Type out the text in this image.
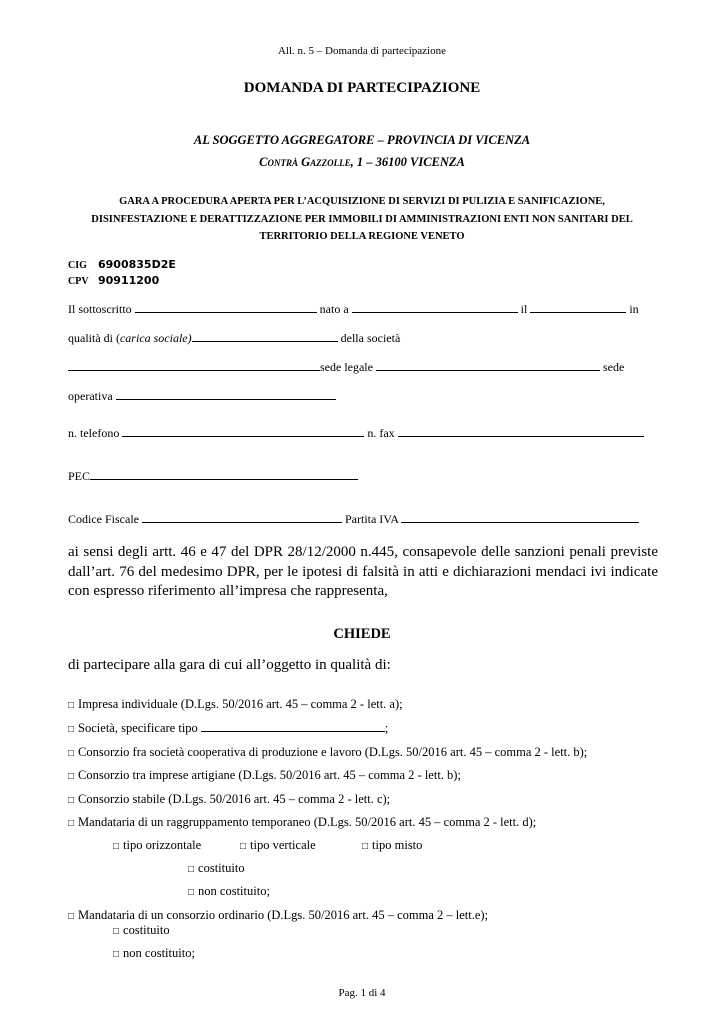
All. n. 5 – Domanda di partecipazione
DOMANDA DI PARTECIPAZIONE
AL SOGGETTO AGGREGATORE – PROVINCIA DI VICENZA
Contrà Gazzolle, 1 – 36100 VICENZA
GARA A PROCEDURA APERTA PER L’ACQUISIZIONE DI SERVIZI DI PULIZIA E SANIFICAZIONE,
DISINFESTAZIONE E DERATTIZZAZIONE PER IMMOBILI DI AMMINISTRAZIONI ENTI NON SANITARI DEL
TERRITORIO DELLA REGIONE VENETO
CIG 6900835D2E
CPV 90911200
Il sottoscritto	nato a	il	in
qualità di (carica sociale)	della società
sede legale	sede
operativa
n. telefono	n. fax
PEC
Codice Fiscale	Partita IVA
ai sensi degli artt. 46 e 47 del DPR 28/12/2000 n.445, consapevole delle sanzioni penali previste dall’art. 76 del medesimo DPR, per le ipotesi di falsità in atti e dichiarazioni mendaci ivi indicate con espresso riferimento all’impresa che rappresenta,
CHIEDE
di partecipare alla gara di cui all’oggetto in qualità di:
□ Impresa individuale (D.Lgs. 50/2016 art. 45 – comma 2 - lett. a);
□ Società, specificare tipo	;
□ Consorzio fra società cooperativa di produzione e lavoro (D.Lgs. 50/2016 art. 45 – comma 2 - lett. b);
□ Consorzio tra imprese artigiane (D.Lgs. 50/2016 art. 45 – comma 2 - lett. b);
□ Consorzio stabile (D.Lgs. 50/2016 art. 45 – comma 2 - lett. c);
□ Mandataria di un raggruppamento temporaneo (D.Lgs. 50/2016 art. 45 – comma 2 - lett. d);
□ tipo orizzontale	□ tipo verticale	□ tipo misto
□ costituito
□ non costituito;
□ Mandataria di un consorzio ordinario (D.Lgs. 50/2016 art. 45 – comma 2 – lett.e);
□ costituito
□ non costituito;
Pag. 1 di 4
